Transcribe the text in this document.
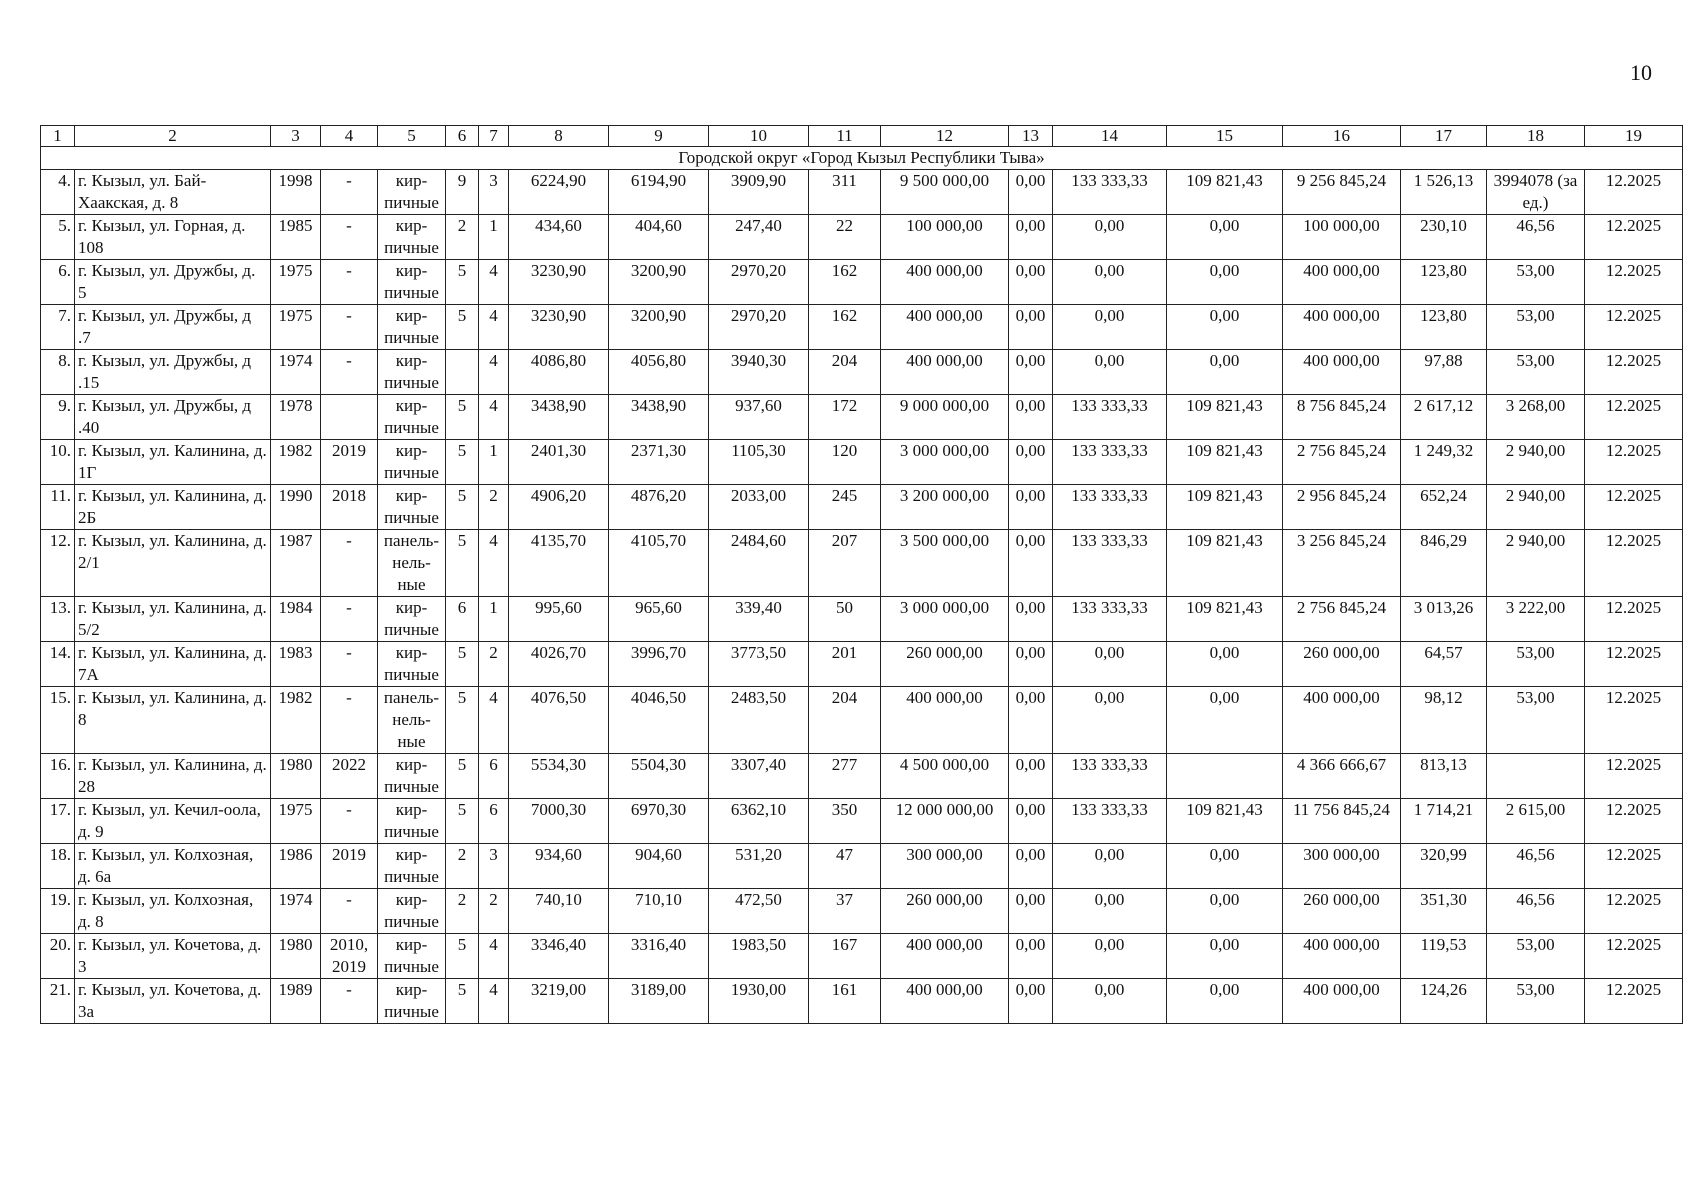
10
1	2	3	4	5	6	7	8	9	10	11	12	13	14	15	16	17	18	19
Городской округ «Город Кызыл Республики Тыва»																		
4.	г. Кызыл, ул. Бай-Хаакская, д. 8	1998	-	кир-пичные	9	3	6224,90	6194,90	3909,90	311	9 500 000,00	0,00	133 333,33	109 821,43	9 256 845,24	1 526,13	3994078 (за ед.)	12.2025
5.	г. Кызыл, ул. Горная, д. 108	1985	-	кир-пичные	2	1	434,60	404,60	247,40	22	100 000,00	0,00	0,00	0,00	100 000,00	230,10	46,56	12.2025
6.	г. Кызыл, ул. Дружбы, д. 5	1975	-	кир-пичные	5	4	3230,90	3200,90	2970,20	162	400 000,00	0,00	0,00	0,00	400 000,00	123,80	53,00	12.2025
7.	г. Кызыл, ул. Дружбы, д .7	1975	-	кир-пичные	5	4	3230,90	3200,90	2970,20	162	400 000,00	0,00	0,00	0,00	400 000,00	123,80	53,00	12.2025
8.	г. Кызыл, ул. Дружбы, д .15	1974	-	кир-пичные		4	4086,80	4056,80	3940,30	204	400 000,00	0,00	0,00	0,00	400 000,00	97,88	53,00	12.2025
9.	г. Кызыл, ул. Дружбы, д .40	1978		кир-пичные	5	4	3438,90	3438,90	937,60	172	9 000 000,00	0,00	133 333,33	109 821,43	8 756 845,24	2 617,12	3 268,00	12.2025
10.	г. Кызыл, ул. Калинина, д. 1Г	1982	2019	кир-пичные	5	1	2401,30	2371,30	1105,30	120	3 000 000,00	0,00	133 333,33	109 821,43	2 756 845,24	1 249,32	2 940,00	12.2025
11.	г. Кызыл, ул. Калинина, д. 2Б	1990	2018	кир-пичные	5	2	4906,20	4876,20	2033,00	245	3 200 000,00	0,00	133 333,33	109 821,43	2 956 845,24	652,24	2 940,00	12.2025
12.	г. Кызыл, ул. Калинина, д. 2/1	1987	-	панель-нель-ные	5	4	4135,70	4105,70	2484,60	207	3 500 000,00	0,00	133 333,33	109 821,43	3 256 845,24	846,29	2 940,00	12.2025
13.	г. Кызыл, ул. Калинина, д. 5/2	1984	-	кир-пичные	6	1	995,60	965,60	339,40	50	3 000 000,00	0,00	133 333,33	109 821,43	2 756 845,24	3 013,26	3 222,00	12.2025
14.	г. Кызыл, ул. Калинина, д. 7А	1983	-	кир-пичные	5	2	4026,70	3996,70	3773,50	201	260 000,00	0,00	0,00	0,00	260 000,00	64,57	53,00	12.2025
15.	г. Кызыл, ул. Калинина, д. 8	1982	-	панель-нель-ные	5	4	4076,50	4046,50	2483,50	204	400 000,00	0,00	0,00	0,00	400 000,00	98,12	53,00	12.2025
16.	г. Кызыл, ул. Калинина, д. 28	1980	2022	кир-пичные	5	6	5534,30	5504,30	3307,40	277	4 500 000,00	0,00	133 333,33		4 366 666,67	813,13		12.2025
17.	г. Кызыл, ул. Кечил-оола, д. 9	1975	-	кир-пичные	5	6	7000,30	6970,30	6362,10	350	12 000 000,00	0,00	133 333,33	109 821,43	11 756 845,24	1 714,21	2 615,00	12.2025
18.	г. Кызыл, ул. Колхозная, д. 6а	1986	2019	кир-пичные	2	3	934,60	904,60	531,20	47	300 000,00	0,00	0,00	0,00	300 000,00	320,99	46,56	12.2025
19.	г. Кызыл, ул. Колхозная, д. 8	1974	-	кир-пичные	2	2	740,10	710,10	472,50	37	260 000,00	0,00	0,00	0,00	260 000,00	351,30	46,56	12.2025
20.	г. Кызыл, ул. Кочетова, д. 3	1980	2010, 2019	кир-пичные	5	4	3346,40	3316,40	1983,50	167	400 000,00	0,00	0,00	0,00	400 000,00	119,53	53,00	12.2025
21.	г. Кызыл, ул. Кочетова, д. 3а	1989	-	кир-пичные	5	4	3219,00	3189,00	1930,00	161	400 000,00	0,00	0,00	0,00	400 000,00	124,26	53,00	12.2025
